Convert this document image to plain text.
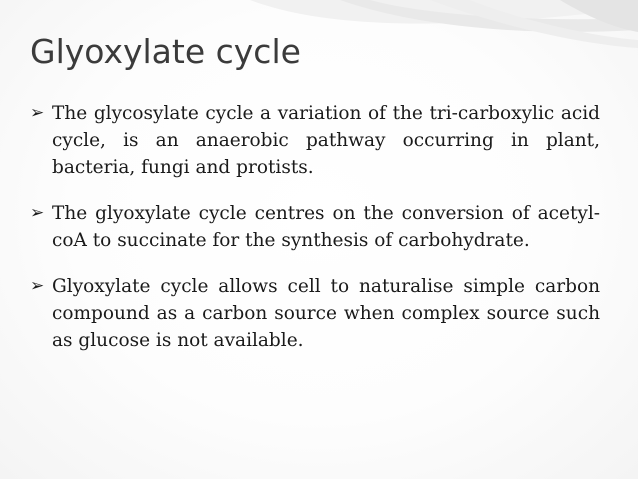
Glyoxylate cycle
➢ The glycosylate cycle a variation of the tri-carboxylic acid cycle, is an anaerobic pathway occurring in plant, bacteria, fungi and protists.
➢ The glyoxylate cycle centres on the conversion of acetyl-coA to succinate for the synthesis of carbohydrate.
➢ Glyoxylate cycle allows cell to naturalise simple carbon compound as a carbon source when complex source such as glucose is not available.
